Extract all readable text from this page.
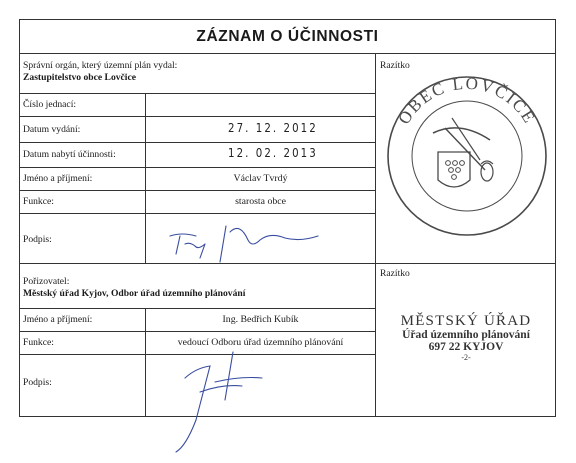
ZÁZNAM O ÚČINNOSTI
Správní orgán, který územní plán vydal:
Zastupitelstvo obce Lovčice
Razítko
Číslo jednací:
Datum vydání:	27. 12. 2012
Datum nabytí účinnosti:	12. 02. 2013
Jméno a příjmení:	Václav Tvrdý
Funkce:	starosta obce
Podpis:
Pořizovatel:
Městský úřad Kyjov, Odbor úřad územního plánování
Razítko
Jméno a příjmení:	Ing. Bedřich Kubík
Funkce:	vedoucí Odboru úřad územního plánování
Podpis:
MĚSTSKÝ ÚŘAD
Úřad územního plánování
697 22 KYJOV
-2-
OBEC LOVČICE
